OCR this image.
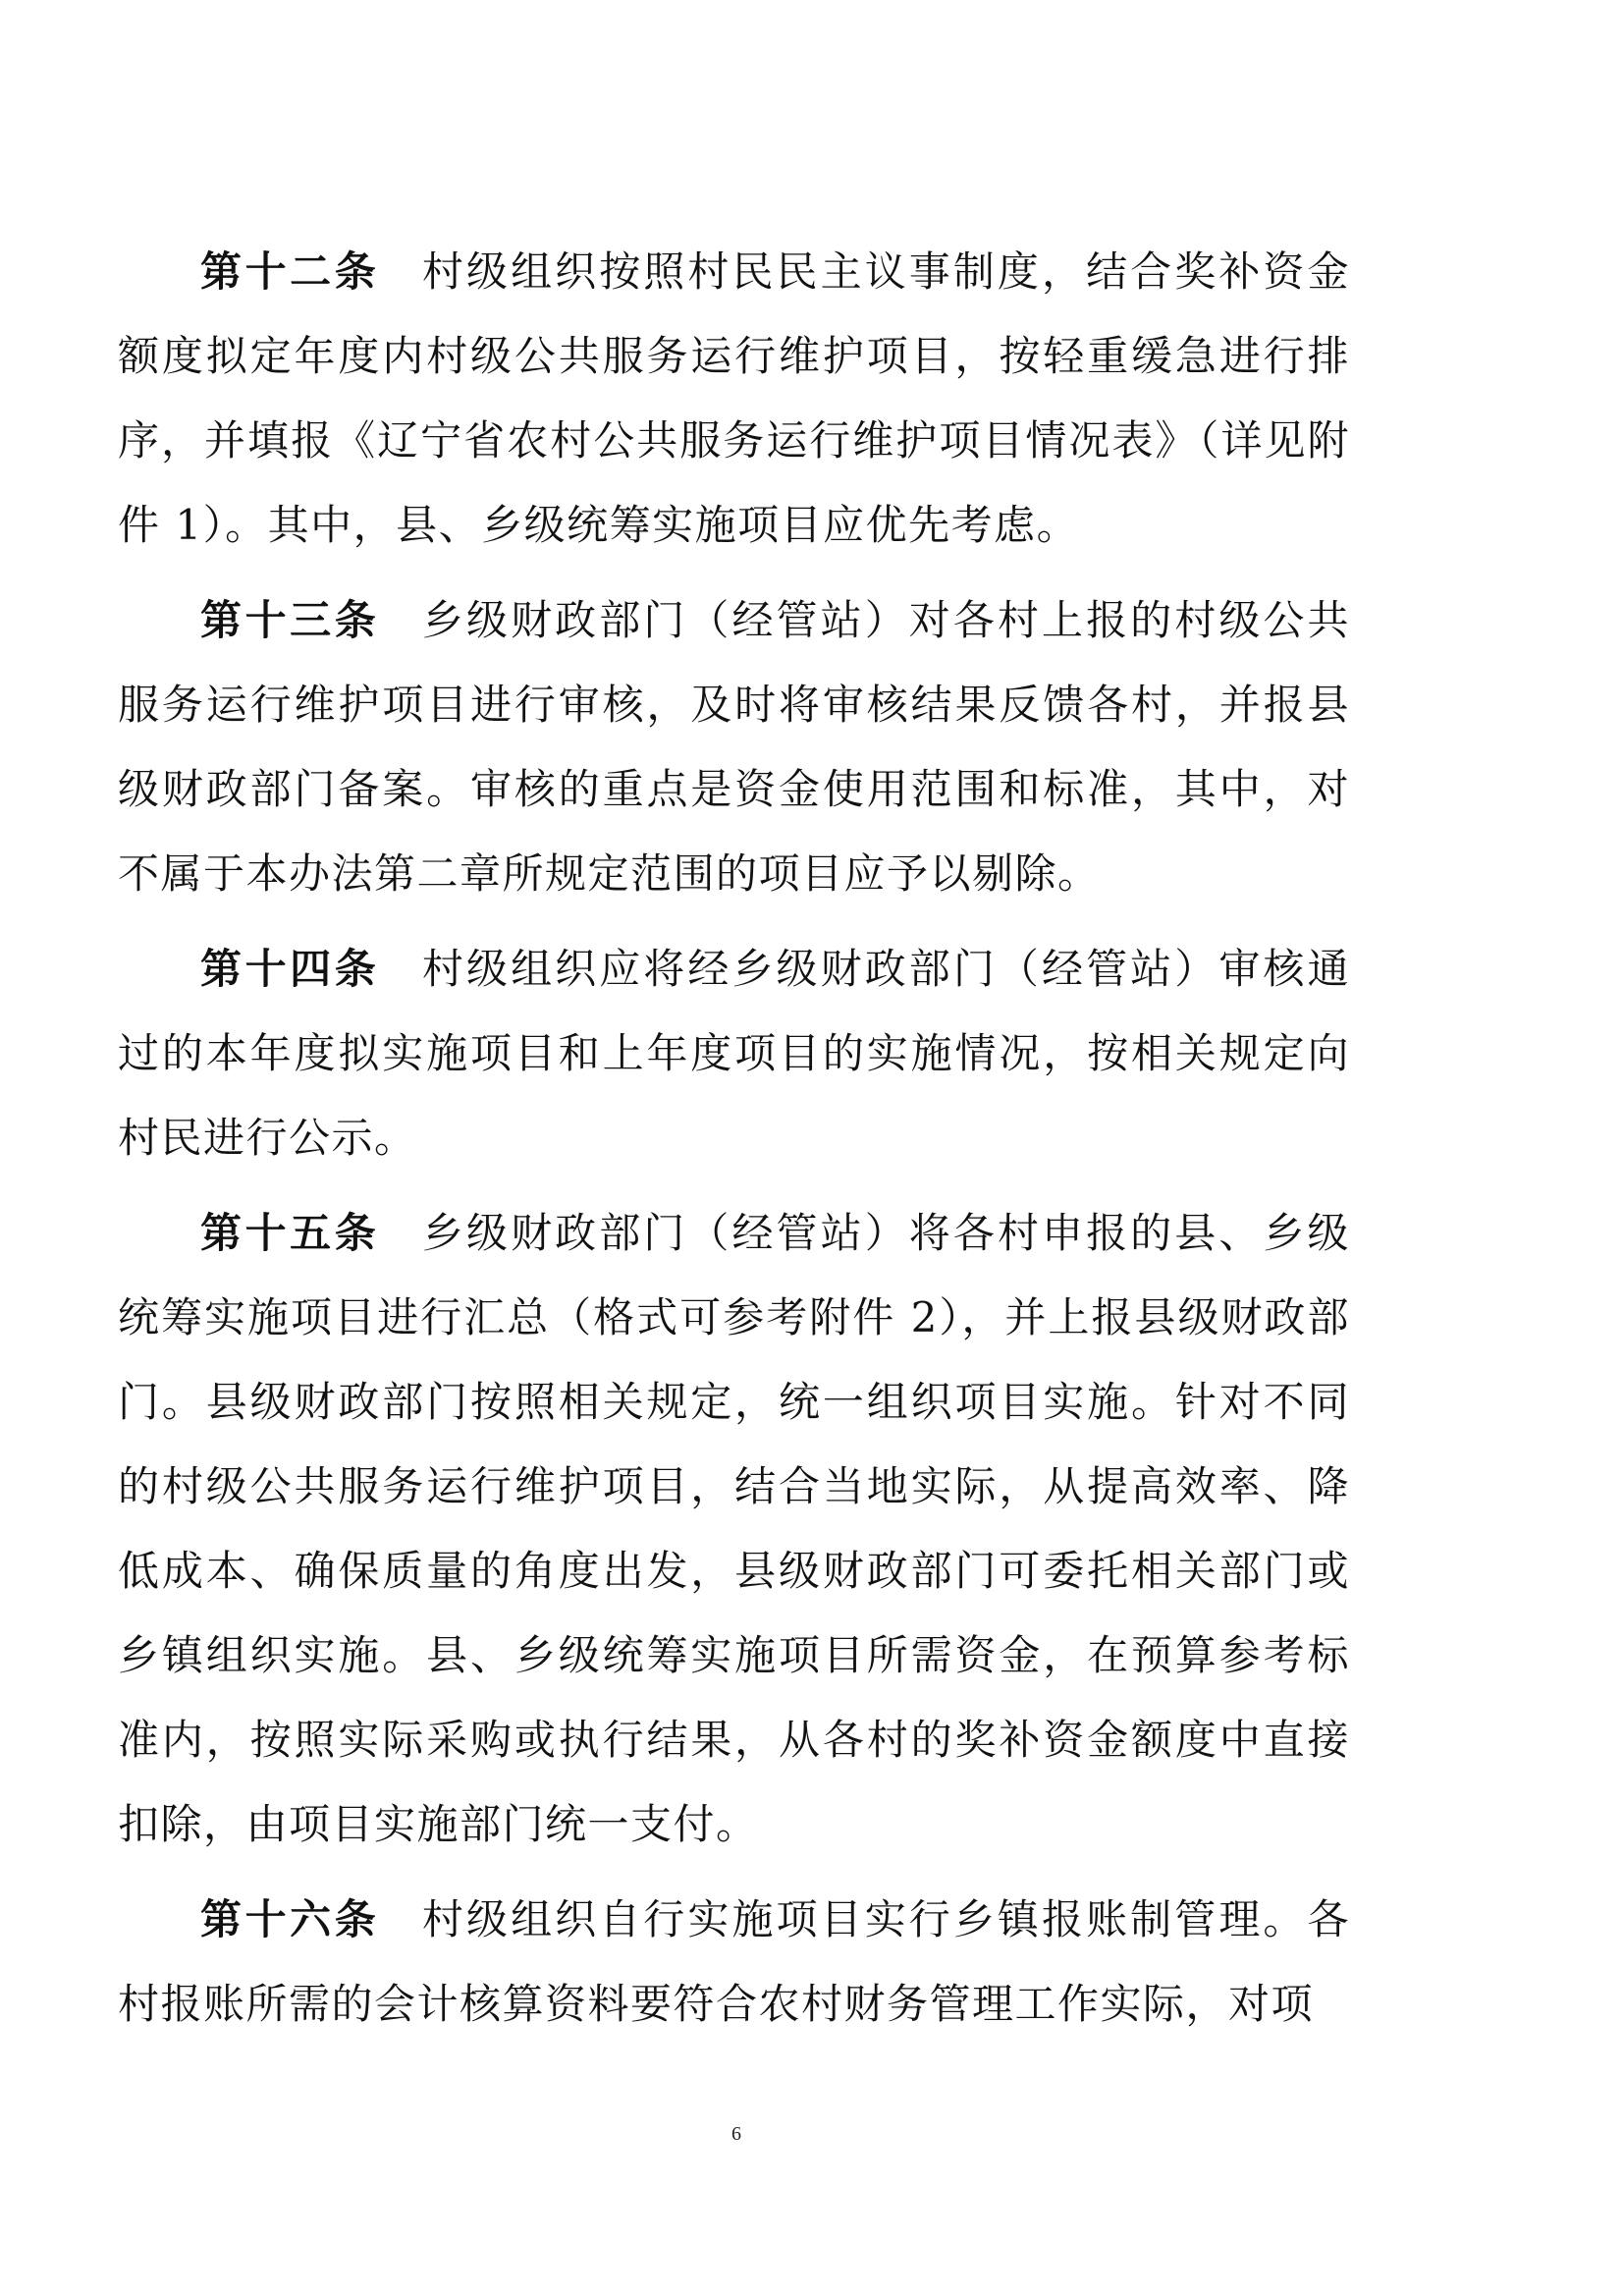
第十二条 村级组织按照村民民主议事制度，结合奖补资金额度拟定年度内村级公共服务运行维护项目，按轻重缓急进行排序，并填报《辽宁省农村公共服务运行维护项目情况表》（详见附件 1）。其中，县、乡级统筹实施项目应优先考虑。

第十三条 乡级财政部门（经管站）对各村上报的村级公共服务运行维护项目进行审核，及时将审核结果反馈各村，并报县级财政部门备案。审核的重点是资金使用范围和标准，其中，对不属于本办法第二章所规定范围的项目应予以剔除。

第十四条 村级组织应将经乡级财政部门（经管站）审核通过的本年度拟实施项目和上年度项目的实施情况，按相关规定向村民进行公示。

第十五条 乡级财政部门（经管站）将各村申报的县、乡级统筹实施项目进行汇总（格式可参考附件 2），并上报县级财政部门。县级财政部门按照相关规定，统一组织项目实施。针对不同的村级公共服务运行维护项目，结合当地实际，从提高效率、降低成本、确保质量的角度出发，县级财政部门可委托相关部门或乡镇组织实施。县、乡级统筹实施项目所需资金，在预算参考标准内，按照实际采购或执行结果，从各村的奖补资金额度中直接扣除，由项目实施部门统一支付。

第十六条 村级组织自行实施项目实行乡镇报账制管理。各村报账所需的会计核算资料要符合农村财务管理工作实际，对项

6
